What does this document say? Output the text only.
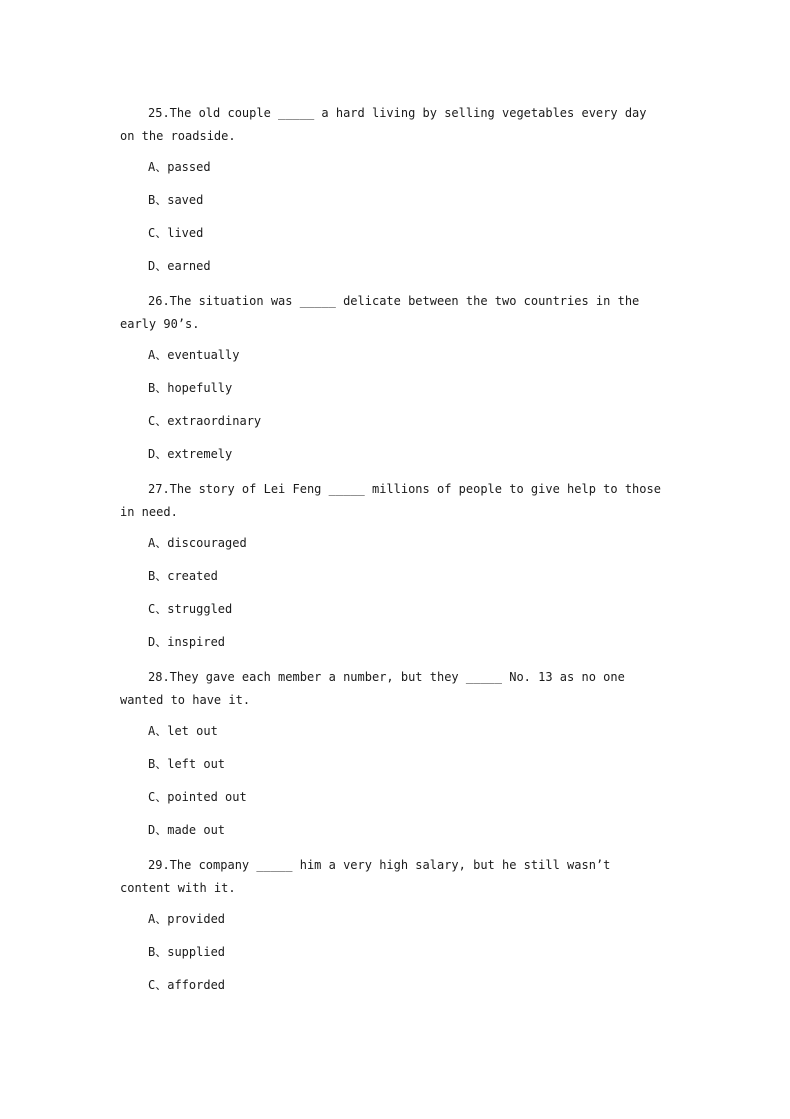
25.The old couple _____ a hard living by selling vegetables every day on the roadside.

A、passed

B、saved

C、lived

D、earned

26.The situation was _____ delicate between the two countries in the early 90’s.

A、eventually

B、hopefully

C、extraordinary

D、extremely

27.The story of Lei Feng _____ millions of people to give help to those in need.

A、discouraged

B、created

C、struggled

D、inspired

28.They gave each member a number, but they _____ No. 13 as no one wanted to have it.

A、let out

B、left out

C、pointed out

D、made out

29.The company _____ him a very high salary, but he still wasn’t content with it.

A、provided

B、supplied

C、afforded
